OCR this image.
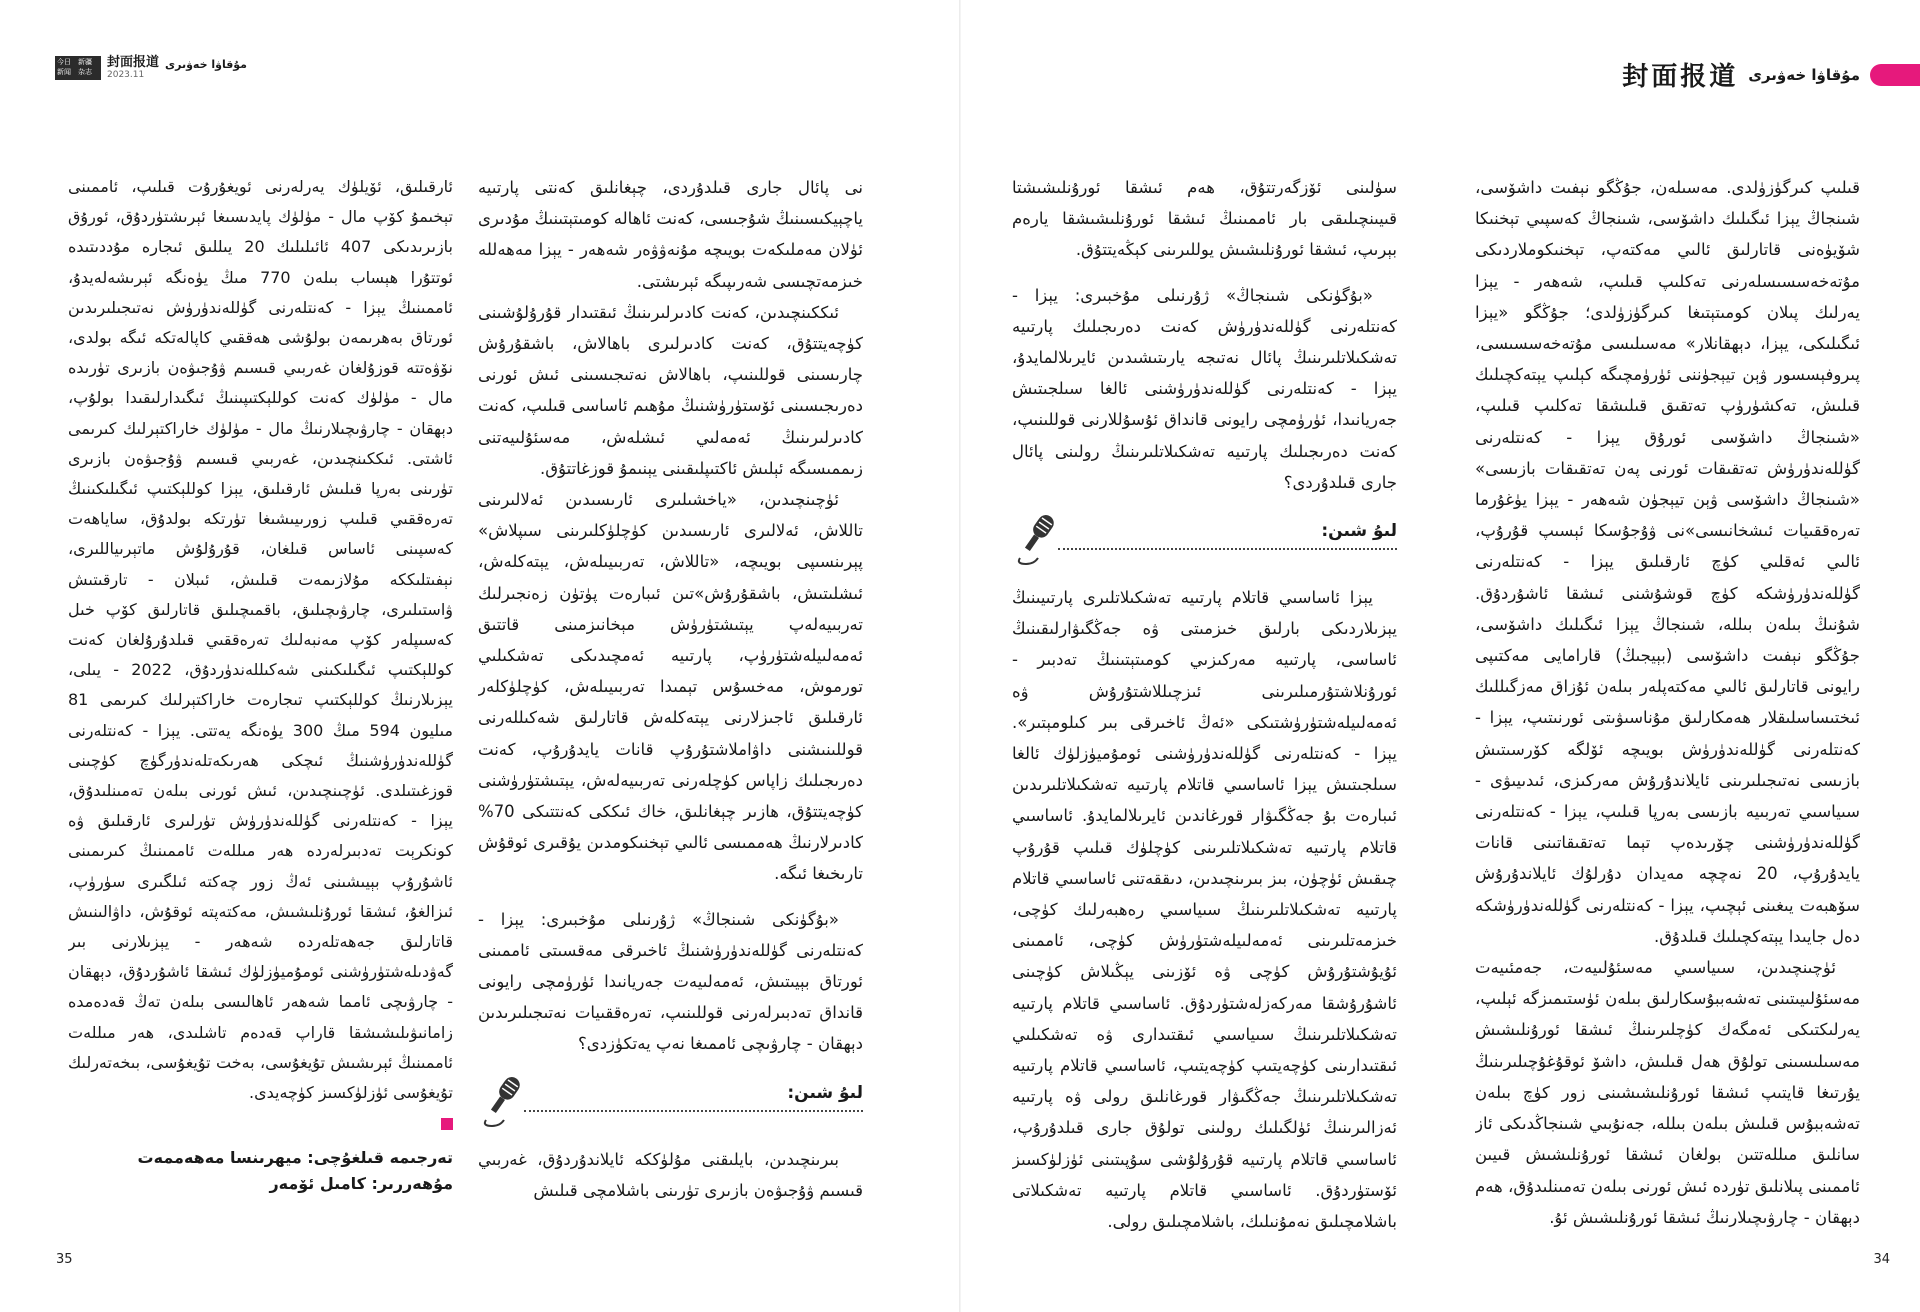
今日	新疆
新闻	杂志
封面报道
2023.11
مۇقاۋا خەۋىرى	封面报道 مۇقاۋا خەۋىرى

قىلىپ كىرگۈزۈلدى. مەسىلەن، جۇڭگو نېفىت داشۆسى، شىنجاڭ يېزا ئىگىلىك داشۆسى، شىنجاڭ كەسپىي تېخنىكا شۆيۈەنى قاتارلىق ئالىي مەكتەپ، تېخنىكوملاردىكى مۇتەخەسسىسلەرنى تەكلىپ قىلىپ، شەھەر - يېزا يەرلىك پىلان كومىتېتىغا كىرگۈزۈلدى؛ جۇڭگو «يېزا ئىگىلىكى، يېزا، دېھقانلار» مەسىلىسى مۇتەخەسسىسى، پىروفېسسور ۋېن تيېجۈننى ئۈرۈمچىگە كېلىپ يېتەكچىلىك قىلىش، تەكشۈرۈپ تەتقىق قىلىشقا تەكلىپ قىلىپ، «شىنجاڭ داشۆسى ئورۇق يېزا - كەنتلەرنى گۈللەندۈرۈش تەتقىقات ئورنى پەن تەتقىقات بازىسى» «شىنجاڭ داشۆسى ۋېن تيېجۈن شەھەر - يېزا يۈغۇرما تەرەققىيات ئىشخانىسى»نى ۋۇجۇسكا ئېسىپ قۇرۇپ، ئالىي ئەقلىي كۈچ ئارقىلىق يېزا - كەنتلەرنى گۈللەندۈرۈشكە كۈچ قوشۇشنى ئىشقا ئاشۇردۇق. شۇنىڭ بىلەن بىللە، شىنجاڭ يېزا ئىگىلىك داشۆسى، جۇڭگو نېفىت داشۆسى (بېيجىڭ) قارامايى مەكتىپى رايونى قاتارلىق ئالىي مەكتەپلەر بىلەن ئۇزاق مەزگىللىك ئىختىساسلىقلار ھەمكارلىق مۇناسىۋىتى ئورنىتىپ، يېزا - كەنتلەرنى گۈللەندۈرۈش بويىچە ئۆلگە كۆرسىتىش بازىسى نەتىجىلىرىنى ئايلاندۇرۇش مەركىزى، ئىدىيىۋى - سىياسىي تەربىيە بازىسى بەرپا قىلىپ، يېزا - كەنتلەرنى گۈللەندۈرۈشنى چۆرىدەپ تېما تەتقىقاتىنى قانات يايدۇرۇپ، 20 نەچچە مەيدان دۇرلۇك ئايلاندۇرۇش سۆھبەت يىغىنى ئېچىپ، يېزا - كەنتلەرنى گۈللەندۈرۈشكە دەل جايىدا يېتەكچىلىك قىلدۇق.

ئۈچىنچىدىن، سىياسىي مەسئۇلىيەت، جەمئىيەت مەسئۇلىيىتىنى تەشەببۇسكارلىق بىلەن ئۈستىمىزگە ئېلىپ، يەرلىكتىكى ئەمگەك كۈچلىرىنىڭ ئىشقا ئورۇنلىشىش مەسىلىسىنى تولۇق ھەل قىلىش، داشۆ ئوقۇغۇچىلىرىنىڭ يۇرتىغا قايتىپ ئىشقا ئورۇنلىشىشىنى زور كۈچ بىلەن تەشەببۇس قىلىش بىلەن بىللە، جەنۇبىي شىنجاڭدىكى ئاز سانلىق مىللەتتىن بولغان ئىشقا ئورۇنلىشىش قىيىن ئاممىنى پىلانلىق تۈردە ئىش ئورنى بىلەن تەمىنلىدۇق، ھەم دېھقان - چارۋىچىلارنىڭ ئىشقا ئورۇنلىشىش ئۇ.

سۈلىنى ئۆزگەرتتۇق، ھەم ئىشقا ئورۇنلىشىشتا قىيىنچىلىقى بار ئاممىنىڭ ئىشقا ئورۇنلىشىشقا يارەم بېرىپ، ئىشقا ئورۇنلىشىش يوللىرىنى كېڭەيتتۇق.

«بۇگۈنكى شىنجاڭ» ژۇرنىلى مۇخبىرى: يېزا - كەنتلەرنى گۈللەندۈرۈش كەنت دەرىجىلىك پارتىيە تەشكىلاتلىرىنىڭ پائال نەتىجە يارىتىشىدىن ئايرىلالمايدۇ، يېزا - كەنتلەرنى گۈللەندۈرۈشنى ئالغا سىلجىتىش جەريانىدا، ئۈرۈمچى رايونى قانداق ئۇسۇللارنى قوللىنىپ، كەنت دەرىجىلىك پارتىيە تەشكىلاتلىرىنىڭ رولىنى پائال جارى قىلدۇردى؟

لىۇ شىن:

يېزا ئاساسىي قاتلام پارتىيە تەشكىلاتلىرى پارتىيىنىڭ يېزىلاردىكى بارلىق خىزمىتى ۋە جەڭگىۋارلىقىنىڭ ئاساسى، پارتىيە مەركىزىي كومىتېتىنىڭ تەدبىر - ئورۇنلاشتۇرمىلىرىنى ئىزچىللاشتۇرۇش ۋە ئەمەلىيلەشتۈرۈشتىكى «ئەڭ ئاخىرقى بىر كىلومېتىر». يېزا - كەنتلەرنى گۈللەندۈرۈشنى ئومۇميۈزلۈك ئالغا سىلجىتىش يېزا ئاساسىي قاتلام پارتىيە تەشكىلاتلىرىدىن ئىبارەت بۇ جەڭگىۋار قورغاندىن ئايرىلالمايدۇ. ئاساسىي قاتلام پارتىيە تەشكىلاتلىرىنى كۈچلۈك قىلىپ قۇرۇپ چىقىش ئۈچۈن، بىز بىرىنچىدىن، دىققەتنى ئاساسىي قاتلام پارتىيە تەشكىلاتلىرىنىڭ سىياسىي رەھبەرلىك كۈچى، خىزمەتلىرىنى ئەمەلىيلەشتۈرۈش كۈچى، ئاممىنى ئۇيۇشتۇرۇش كۈچى ۋە ئۆزىنى يېڭىلاش كۈچىنى ئاشۇرۇشقا مەركەزلەشتۈردۇق. ئاساسىي قاتلام پارتىيە تەشكىلاتلىرىنىڭ سىياسىي ئىقتىدارى ۋە تەشكىلىي ئىقتىدارىنى كۈچەيتىپ كۈچەيتىپ، ئاساسىي قاتلام پارتىيە تەشكىلاتلىرىنىڭ جەڭگىۋار قورغانلىق رولى ۋە پارتىيە ئەزالىرىنىڭ ئۈلگىلىك رولىنى تولۇق جارى قىلدۇرۇپ، ئاساسىي قاتلام پارتىيە قۇرۇلۇشى سۇپىتىنى ئۈزلۈكسىز ئۆستۈردۇق. ئاساسىي قاتلام پارتىيە تەشكىلاتى باشلامچىلىق نەمۇنىلىك، باشلامچىلىق رولى.

نى پائال جارى قىلدۇردى، چېغانلىق كەنتى پارتىيە ياچېيكىسىنىڭ شۇجىسى، كەنت ئاھالە كومىتېتىنىڭ مۇدىرى ئۈلان مەملىكەت بويىچە مۇنەۋۋەر شەھەر - يېزا مەھەللە خىزمەتچىسى شەرىپىگە ئېرىشتى.

ئىككىنچىدىن، كەنت كادىرلىرىنىڭ ئىقتىدار قۇرۇلۇشىنى كۈچەيتتۇق، كەنت كادىرلىرى باھالاش، باشقۇرۇش چارىسىنى قوللىنىپ، باھالاش نەتىجىسىنى ئىش ئورنى دەرىجىسىنى ئۆستۈرۈشنىڭ مۇھىم ئاساسى قىلىپ، كەنت كادىرلىرىنىڭ ئەمەلىي ئىشلەش، مەسئۇلىيەتنى زىممىسىگە ئېلىش ئاكتىپلىقىنى يېنىمۇ قوزغاتتۇق.

ئۈچىنچىدىن، «ياخشىلىرى ئارىسىدىن ئەلالىرىنى تاللاش، ئەلالىرى ئارىسىدىن كۈچلۈكلىرىنى سىپلاش» پېرىنسىپى بويىچە، «تاللاش، تەربىيىلەش، يېتەكلەش، ئىشلىتىش، باشقۇرۇش»تىن ئىبارەت پۈتۈن زەنجىرلىك تەربىيەلەپ يېتىشتۈرۈش مېخانىزمىنى قاتتىق ئەمەلىيلەشتۈرۈپ، پارتىيە ئەمچىدىكى تەشكىلىي تورموش، مەخسۇس تېمىدا تەربىيىلەش، كۈچلۈكلەر ئارقىلىق ئاجىزلارنى يېتەكلەش قاتارلىق شەكىللەرنى قوللىنىشنى داۋاملاشتۇرۇپ قانات يايدۇرۇپ، كەنت دەرىجىلىك زاپاس كۈچلەرنى تەربىيەلەش، يېتىشتۈرۈشنى كۈچەيتتۇق، ھازىر چېغانلىق، خاك ئىككى كەنتتىكى 70% كادىرلارنىڭ ھەممىسى ئالىي تېخنىكومدىن يۇقىرى ئوقۇش تارىخىغا ئىگە.

«بۇگۈنكى شىنجاڭ» ژۇرنىلى مۇخبىرى: يېزا - كەنتلەرنى گۈللەندۈرۈشنىڭ ئاخىرقى مەقسىتى ئاممىنى ئورتاق بېيىتىش، ئەمەلىيەت جەريانىدا ئۈرۈمچى رايونى قانداق تەدبىرلەرنى قوللىنىپ، تەرەققىيات نەتىجىلىرىدىن دېھقان - چارۋىچى ئاممىغا نەپ يەتكۈزدى؟

لىۇ شىن:

بىرىنچىدىن، بايلىقنى مۇلۈككە ئايلاندۇردۇق، غەربىي قىسىم ۋۇجىۋەن بازىرى تۈرىنى باشلامچى قىلىش

ئارقىلىق، ئۆيلۈك يەرلەرنى ئويغۇرۇت قىلىپ، ئاممىنى تېخىمۇ كۆپ مال - مۈلۈك پايدىسىغا ئېرىشتۈردۇق، ئورۇق بازىرىدىكى 407 ئائىلىلىك 20 يىللىق ئىجارە مۇددىتىدە ئوتتۇرا ھېساب بىلەن 770 مىڭ يۈەنگە ئېرىشەلەيدۇ، ئاممىنىڭ يېزا - كەنتلەرنى گۈللەندۈرۈش نەتىجىلىرىدىن ئورتاق بەھرىمەن بولۇشى ھەققىي كاپالەتكە ئىگە بولدى، نۆۋەتتە قوزۇلغان غەربىي قىسىم ۋۇجىۋەن بازىرى تۈرىدە مال - مۈلۈك كەنت كوللېكتىپىنىڭ ئىگىدارلىقىدا بولۇپ، دېھقان - چارۋىچىلارنىڭ مال - مۈلۈك خاراكتېرلىك كىرىمى ئاشتى. ئىككىنچىدىن، غەربىي قىسىم ۋۇجىۋەن بازىرى تۈرىنى بەرپا قىلىش ئارقىلىق، يېزا كوللېكتىپ ئىگىلىكىنىڭ تەرەققىي قىلىپ زورىيىشىغا تۈرتكە بولدۇق، ساياھەت كەسپىنى ئاساس قىلغان، قۇرۇلۇش ماتېرىياللىرى، نېفىتلىككە مۇلازىمەت قىلىش، ئىبلان - تارقىتىش ۋاستىلىرى، چارۋىچىلىق، باقمىچىلىق قاتارلىق كۆپ خىل كەسىپلەر كۆپ مەنبەلىك تەرەققىي قىلدۇرۇلغان كەنت كوللېكتىپ ئىگىلىكىنى شەكىللەندۈردۇق، 2022 - يىلى، يېزىلارنىڭ كوللېكتىپ تىجارەت خاراكتېرلىك كىرىمى 81 مىليون 594 مىڭ 300 يۈەنگە يەتتى. يېزا - كەنتلەرنى گۈللەندۈرۈشنىڭ ئىچكى ھەرىكەتلەندۈرگۈچ كۈچىنى قوزغىتىلدى. ئۈچىنچىدىن، ئىش ئورنى بىلەن تەمىنلىدۇق، يېزا - كەنتلەرنى گۈللەندۈرۈش تۈرلىرى ئارقىلىق ۋە كونكرېت تەدبىرلەردە ھەر مىللەت ئاممىنىڭ كىرىمىنى ئاشۇرۇپ بېيىشىنى ئەڭ زور چەكتە ئىلگىرى سۈرۈپ، ئىزالغۇ، ئىشقا ئورۇنلىشىش، مەكتەپتە ئوقۇش، داۋالىنىش قاتارلىق جەھەتلەردە شەھەر - يېزىلارنى بىر گەۋدىلەشتۈرۈشنى ئومۇميۈزلۈك ئىشقا ئاشۇردۇق، دېھقان - چارۋىچى ئامما شەھەر ئاھالىسى بىلەن تەڭ قەدەمدە زامانىۋىلىشىشقا قاراپ قەدەم تاشلىدى، ھەر مىللەت ئاممىنىڭ ئېرىشىش تۇيغۇسى، بەخت تۇيغۇسى، بىخەتەرلىك تۇيغۇسى ئۈزلۈكسىز كۈچەيدى.

تەرجىمە قىلغۇچى: ميھرىنسا مەھەممەت
مۇھەررىر: كامىل ئۆمەر
35	34
